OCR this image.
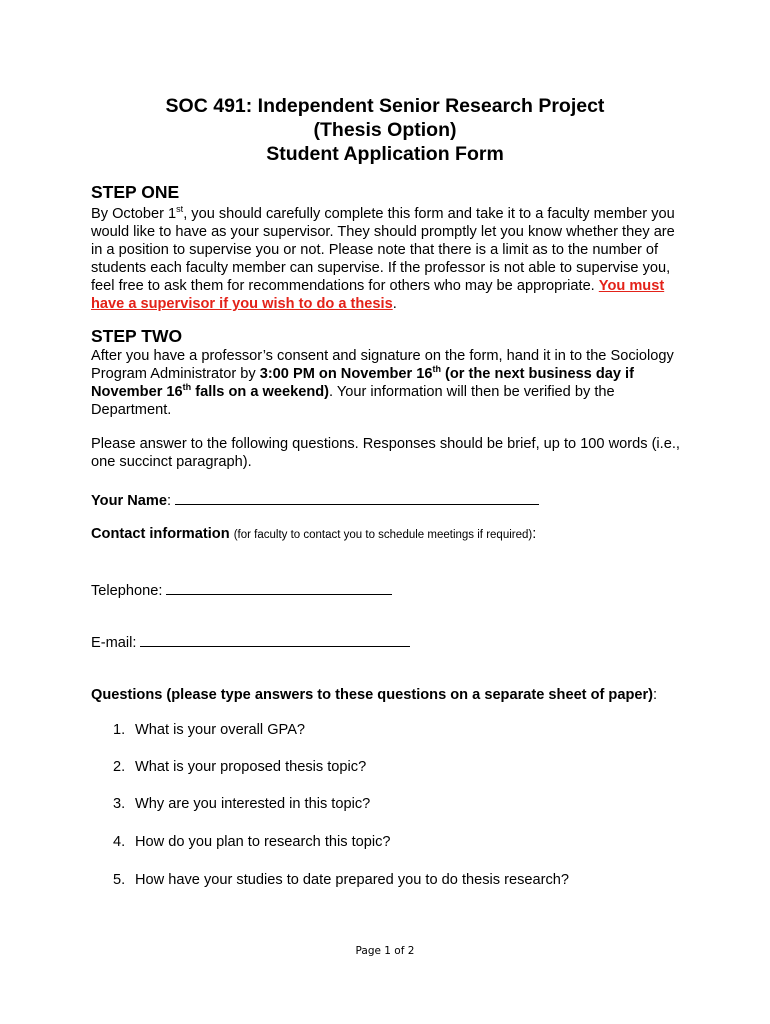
SOC 491: Independent Senior Research Project
(Thesis Option)
Student Application Form
STEP ONE

By October 1st, you should carefully complete this form and take it to a faculty member you would like to have as your supervisor. They should promptly let you know whether they are in a position to supervise you or not. Please note that there is a limit as to the number of students each faculty member can supervise. If the professor is not able to supervise you, feel free to ask them for recommendations for others who may be appropriate. You must have a supervisor if you wish to do a thesis.

STEP TWO

After you have a professor’s consent and signature on the form, hand it in to the Sociology Program Administrator by 3:00 PM on November 16th (or the next business day if November 16th falls on a weekend). Your information will then be verified by the Department.

Please answer to the following questions. Responses should be brief, up to 100 words (i.e., one succinct paragraph).

Your Name:
Contact information (for faculty to contact you to schedule meetings if required):
Telephone:
E-mail:
Questions (please type answers to these questions on a separate sheet of paper):
1. What is your overall GPA?
2. What is your proposed thesis topic?
3. Why are you interested in this topic?
4. How do you plan to research this topic?
5. How have your studies to date prepared you to do thesis research?
Page 1 of 2
